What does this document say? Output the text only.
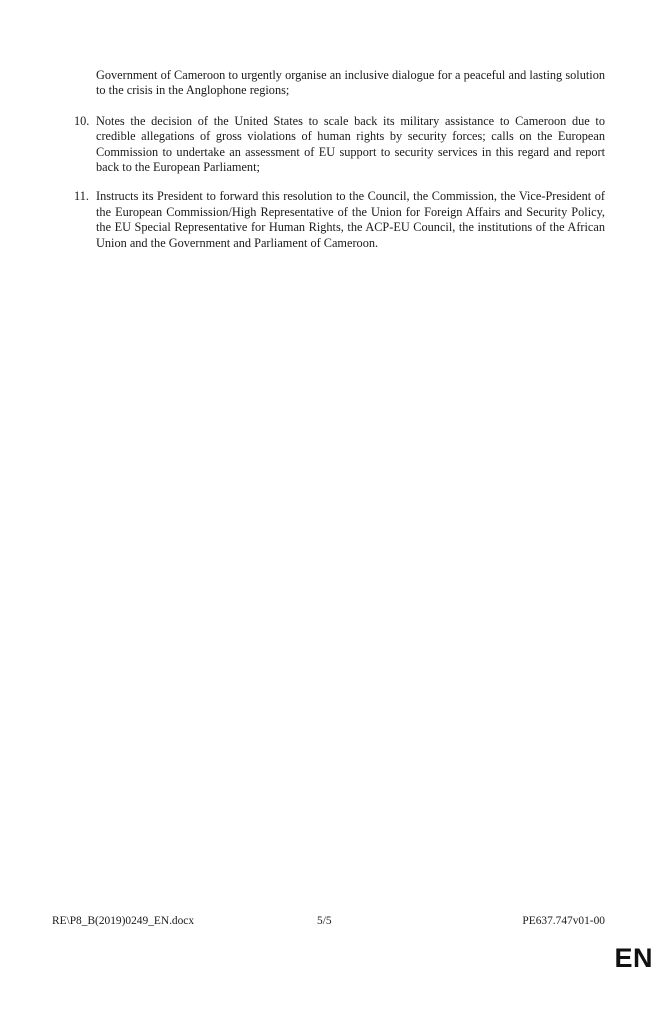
Government of Cameroon to urgently organise an inclusive dialogue for a peaceful and lasting solution to the crisis in the Anglophone regions;

10. Notes the decision of the United States to scale back its military assistance to Cameroon due to credible allegations of gross violations of human rights by security forces; calls on the European Commission to undertake an assessment of EU support to security services in this regard and report back to the European Parliament;

11. Instructs its President to forward this resolution to the Council, the Commission, the Vice-President of the European Commission/High Representative of the Union for Foreign Affairs and Security Policy, the EU Special Representative for Human Rights, the ACP-EU Council, the institutions of the African Union and the Government and Parliament of Cameroon.

RE\P8_B(2019)0249_EN.docx	5/5	PE637.747v01-00
EN
